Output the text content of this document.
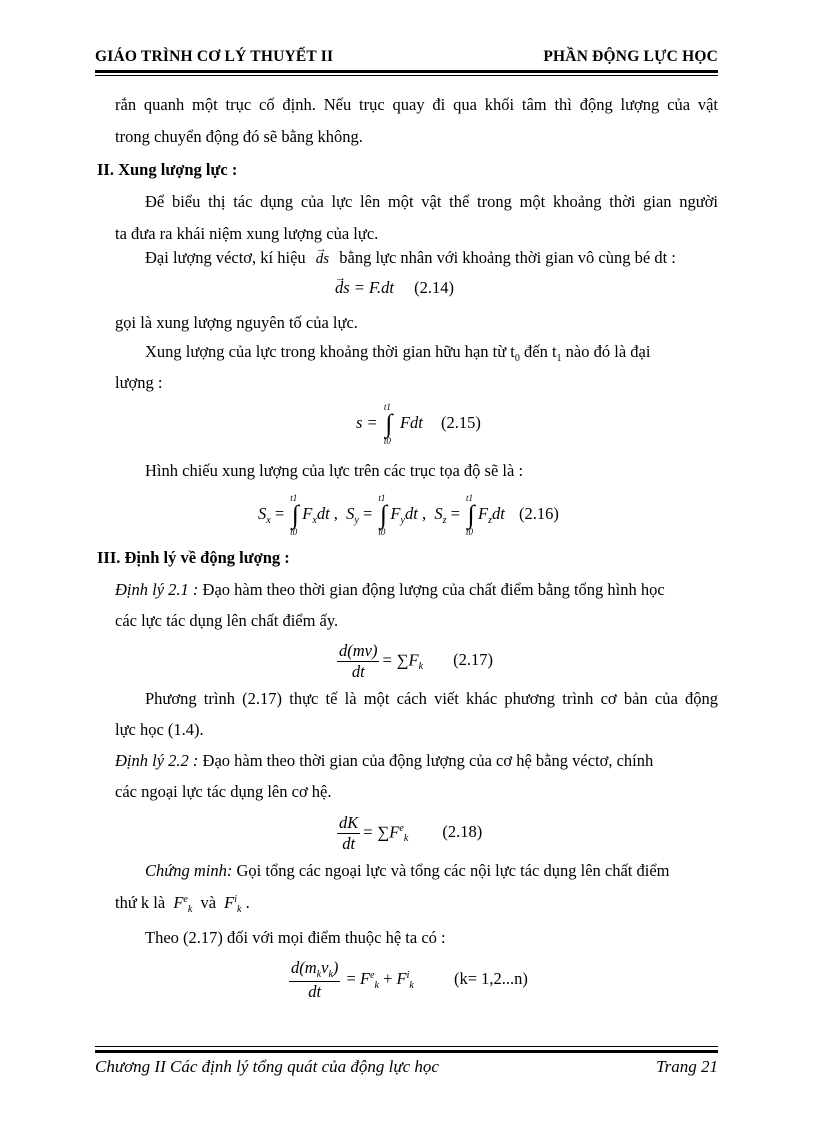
GIÁO TRÌNH CƠ LÝ THUYẾT II	PHẦN ĐỘNG LỰC HỌC
rắn quanh một trục cố định. Nếu trục quay đi qua khối tâm thì động lượng của vật
trong chuyển động đó sẽ bằng không.
II. Xung lượng lực :
Để biểu thị tác dụng của lực lên một vật thể trong một khoảng thời gian người
ta đưa ra khái niệm xung lượng của lực.
Đại lượng véctơ, kí hiệu → ds bằng lực nhân với khoảng thời gian vô cùng bé dt :
→ ds = F.dt (2.14)
gọi là xung lượng nguyên tố của lực.
Xung lượng của lực trong khoảng thời gian hữu hạn từ $t_0$ đến $t_1$ nào đó là đại
lượng :
s =
t1
∫
t0
Fdt (2.15)
Hình chiếu xung lượng của lực trên các trục tọa độ sẽ là :
$S_x$ =
t1
∫
t0
$F_xdt$ ,  $S_y$ =
t1
∫
t0
$F_ydt$ ,  $S_z$ =
t1
∫
t0
$F_zdt$ (2.16)
III. Định lý về động lượng :
Định lý 2.1 : Đạo hàm theo thời gian động lượng của chất điểm bằng tổng hình học
các lực tác dụng lên chất điểm ấy.
$\frac{d(mv)}{dt} = \sum F_k$ (2.17)
Phương trình (2.17) thực tế là một cách viết khác phương trình cơ bản của động
lực học (1.4).
Định lý 2.2 : Đạo hàm theo thời gian của động lượng của cơ hệ bằng véctơ, chính
các ngoại lực tác dụng lên cơ hệ.
$\frac{dK}{dt} = \sum F^e_k$ (2.18)
Chứng minh: Gọi tổng các ngoại lực và tổng các nội lực tác dụng lên chất điểm
thứ k là $F^e_k$ và $F^i_k$ .
Theo (2.17) đối với mọi điểm thuộc hệ ta có :
$\frac{d(m_kv_k)}{dt} = F^e_k + F^i_k$ (k= 1,2...n)
Chương II Các định lý tổng quát của động lực học	Trang 21
